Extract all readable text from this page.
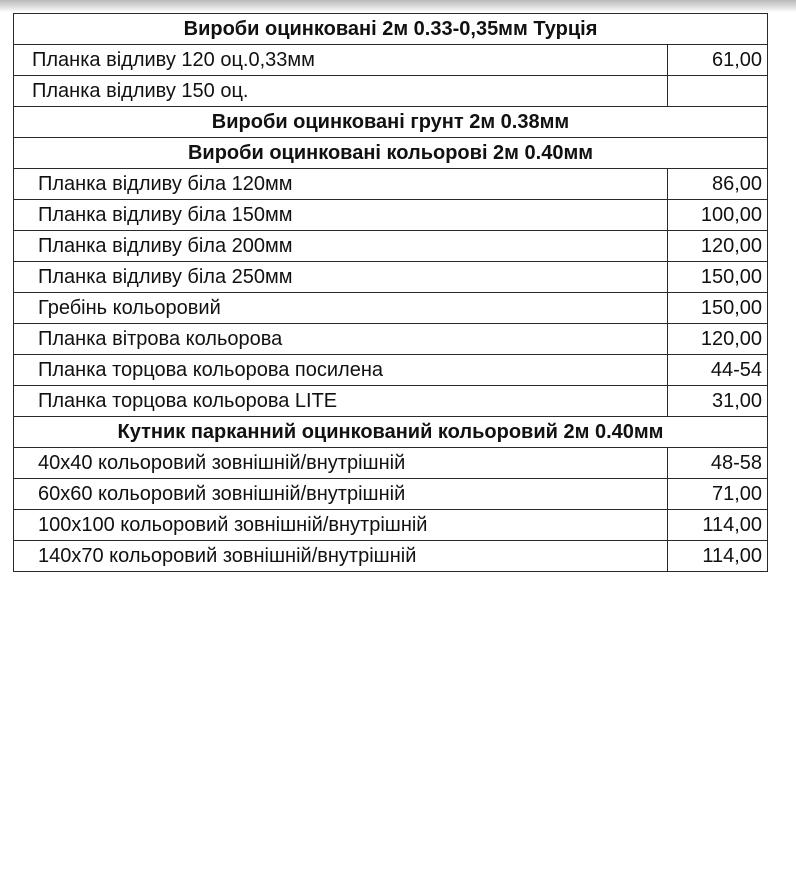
Вироби оцинковані 2м 0.33-0,35мм Турція	
Планка відливу 120 оц.0,33мм	61,00
Планка відливу 150 оц.	
Вироби оцинковані грунт 2м 0.38мм	
Вироби оцинковані кольорові 2м 0.40мм	
Планка відливу біла 120мм	86,00
Планка відливу біла 150мм	100,00
Планка відливу біла 200мм	120,00
Планка відливу біла 250мм	150,00
Гребінь кольоровий	150,00
Планка вітрова кольорова	120,00
Планка торцова кольорова посилена	44-54
Планка торцова кольорова LITE	31,00
Кутник парканний оцинкований кольоровий 2м 0.40мм	
40х40 кольоровий зовнішній/внутрішній	48-58
60х60 кольоровий зовнішній/внутрішній	71,00
100х100 кольоровий зовнішній/внутрішній	114,00
140х70 кольоровий зовнішній/внутрішній	114,00
